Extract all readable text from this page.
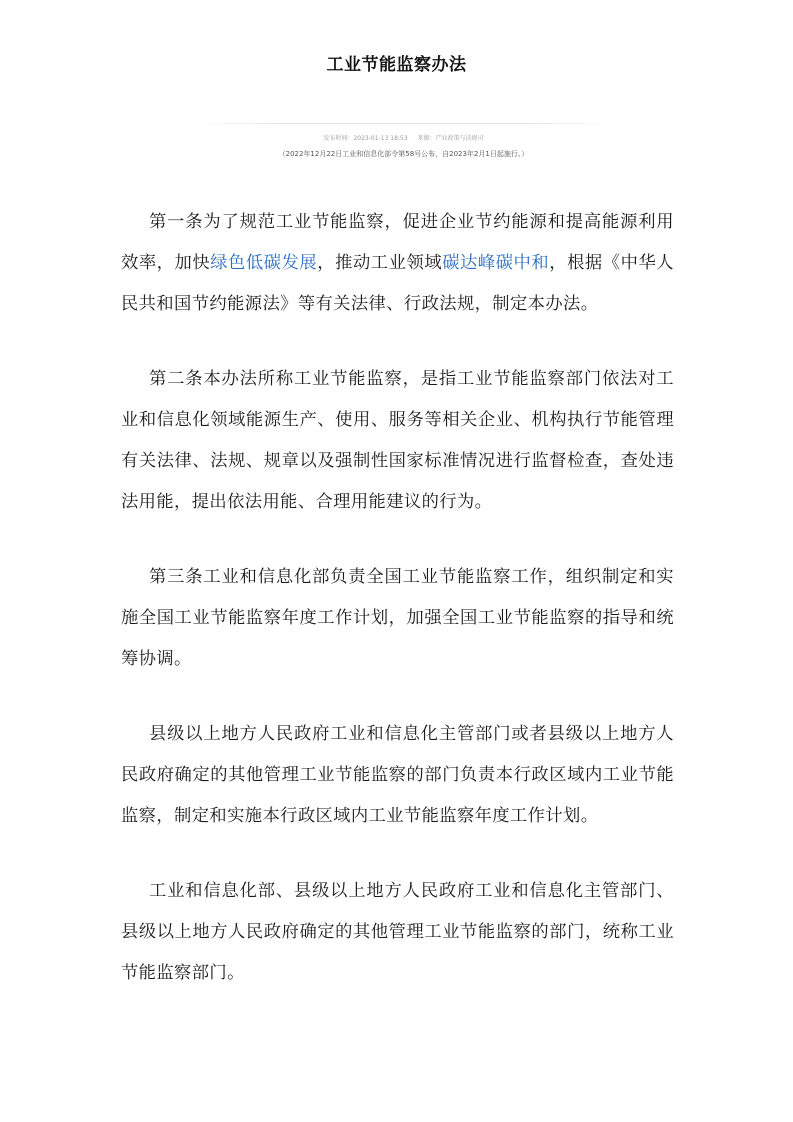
工业节能监察办法
发布时间：2023-01-13 18:53 来源：产业政策与法规司
（2022年12月22日工业和信息化部令第58号公布，自2023年2月1日起施行。）

第一条为了规范工业节能监察，促进企业节约能源和提高能源利用效率，加快绿色低碳发展，推动工业领域碳达峰碳中和，根据《中华人民共和国节约能源法》等有关法律、行政法规，制定本办法。

第二条本办法所称工业节能监察，是指工业节能监察部门依法对工业和信息化领域能源生产、使用、服务等相关企业、机构执行节能管理有关法律、法规、规章以及强制性国家标准情况进行监督检查，查处违法用能，提出依法用能、合理用能建议的行为。

第三条工业和信息化部负责全国工业节能监察工作，组织制定和实施全国工业节能监察年度工作计划，加强全国工业节能监察的指导和统筹协调。

县级以上地方人民政府工业和信息化主管部门或者县级以上地方人民政府确定的其他管理工业节能监察的部门负责本行政区域内工业节能监察，制定和实施本行政区域内工业节能监察年度工作计划。

工业和信息化部、县级以上地方人民政府工业和信息化主管部门、县级以上地方人民政府确定的其他管理工业节能监察的部门，统称工业节能监察部门。
